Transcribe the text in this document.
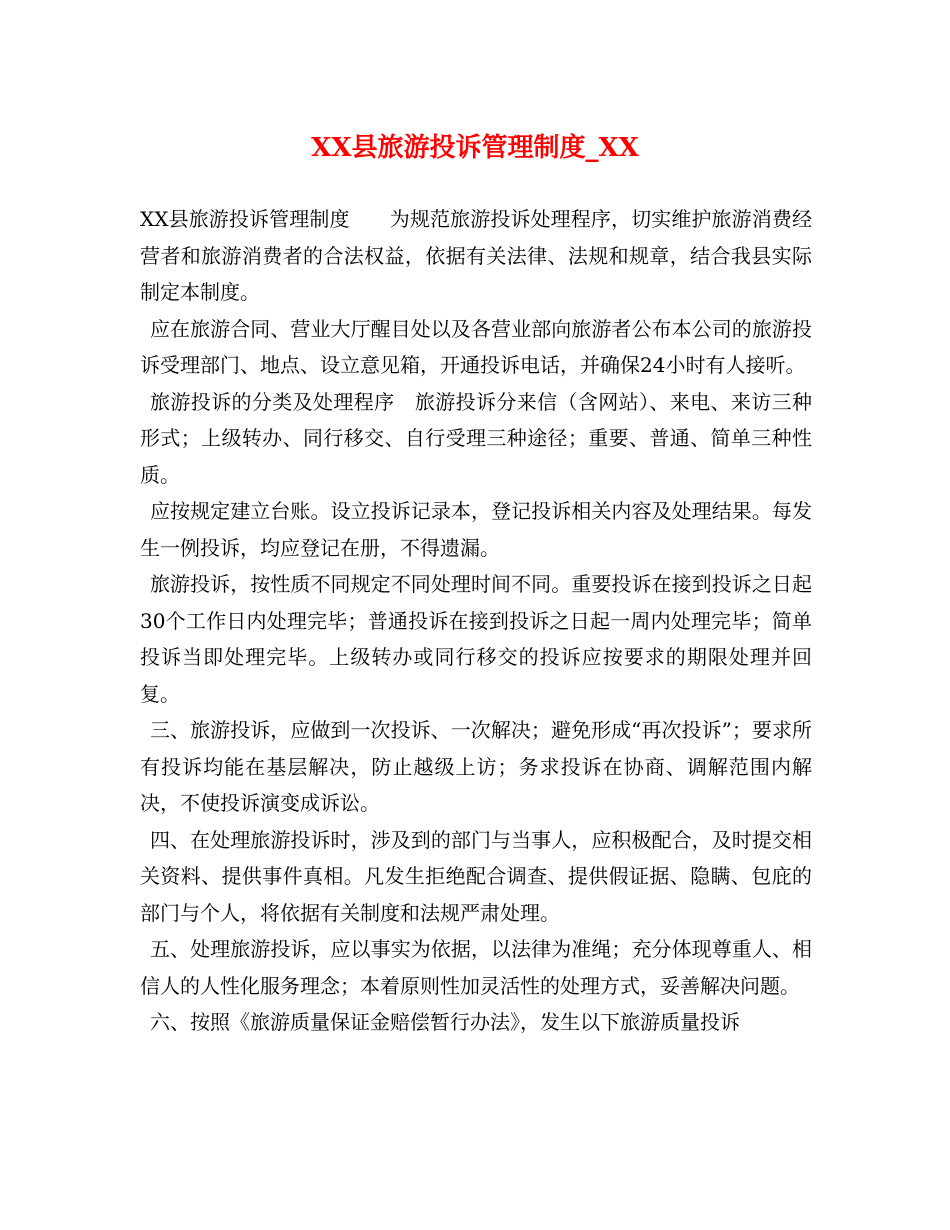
XX县旅游投诉管理制度_XX

XX县旅游投诉管理制度　　为规范旅游投诉处理程序，切实维护旅游消费经营者和旅游消费者的合法权益，依据有关法律、法规和规章，结合我县实际制定本制度。

应在旅游合同、营业大厅醒目处以及各营业部向旅游者公布本公司的旅游投诉受理部门、地点、设立意见箱，开通投诉电话，并确保24小时有人接听。

旅游投诉的分类及处理程序　旅游投诉分来信（含网站）、来电、来访三种形式；上级转办、同行移交、自行受理三种途径；重要、普通、简单三种性质。

应按规定建立台账。设立投诉记录本，登记投诉相关内容及处理结果。每发生一例投诉，均应登记在册，不得遗漏。

旅游投诉，按性质不同规定不同处理时间不同。重要投诉在接到投诉之日起30个工作日内处理完毕；普通投诉在接到投诉之日起一周内处理完毕；简单投诉当即处理完毕。上级转办或同行移交的投诉应按要求的期限处理并回复。

三、旅游投诉，应做到一次投诉、一次解决；避免形成“再次投诉”；要求所有投诉均能在基层解决，防止越级上访；务求投诉在协商、调解范围内解决，不使投诉演变成诉讼。

四、在处理旅游投诉时，涉及到的部门与当事人，应积极配合，及时提交相关资料、提供事件真相。凡发生拒绝配合调查、提供假证据、隐瞒、包庇的部门与个人，将依据有关制度和法规严肃处理。

五、处理旅游投诉，应以事实为依据，以法律为准绳；充分体现尊重人、相信人的人性化服务理念；本着原则性加灵活性的处理方式，妥善解决问题。

六、按照《旅游质量保证金赔偿暂行办法》，发生以下旅游质量投诉
